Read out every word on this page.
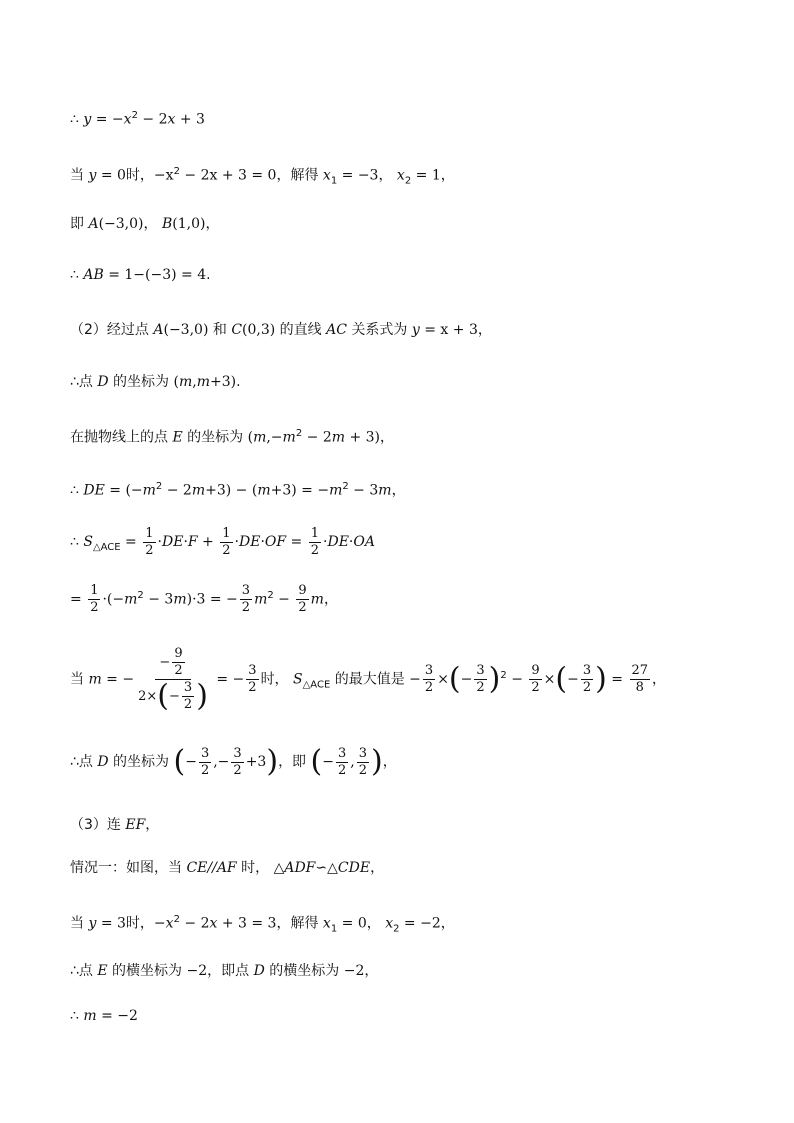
∴ $y = -x^2 - 2x + 3$
当 y = 0时，$-x^2 - 2x + 3 = 0$，解得 $x_1 = -3$， $x_2 = 1$，
即 A(−3,0)， B(1,0)，
∴ AB = 1−(−3) = 4.
（2）经过点 A(−3,0) 和 C(0,3) 的直线 AC 关系式为 y = x + 3，
∴点 D 的坐标为 (m,m+3).
在抛物线上的点 E 的坐标为 $(m,-m^2 - 2m + 3)$，
∴ DE = $(-m^2 - 2m+3) - (m+3) = -m^2 - 3m$，
∴ $S_{\triangle ACE} = \frac{1}{2} \cdot DE\cdot F + \frac{1}{2} \cdot DE\cdot OF = \frac{1}{2} \cdot DE\cdot OA$
= $\frac{1}{2} \cdot(-m^2 - 3m)\cdot 3$ = − $\frac{3}{2} m^2 - \frac{9}{2}$ m，
当 m = − $\frac{- \frac{9}{2}}{2\times(- \frac{3}{2} )}$ = − $\frac{3}{2}$ 时， $S_{\triangle ACE}$ 的最大值是 − $\frac{3}{2}$ ×(− $\frac{3}{2} )^2 - \frac{9}{2}$ ×(− $\frac{3}{2}$ ) = $\frac{27}{8}$ ，
∴点 D 的坐标为 (− $\frac{3}{2}$ ,− $\frac{3}{2} +3$)，即 (− $\frac{3}{2}$ , $\frac{3}{2}$ )，
（3）连 EF，
情况一：如图，当 CE//AF 时， △ADF∽△CDE，
当 y = 3时，$-x^2 - 2x + 3 = 3$，解得 $x_1 = 0$， $x_2 = -2$，
∴点 E 的横坐标为 −2，即点 D 的横坐标为 −2，
∴ m = −2
